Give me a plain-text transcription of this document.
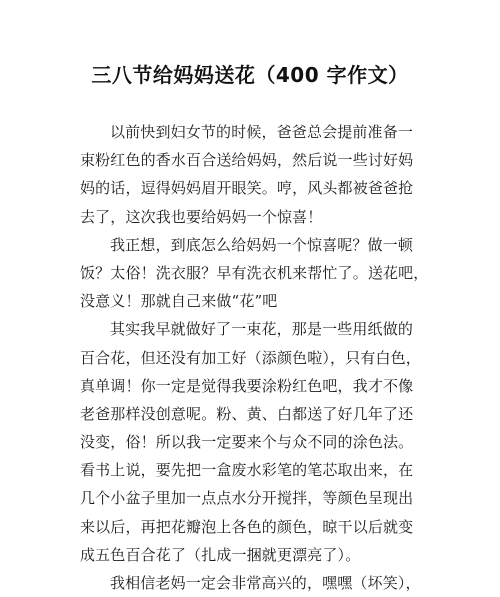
三八节给妈妈送花（400 字作文）
以前快到妇女节的时候，爸爸总会提前准备一
束粉红色的香水百合送给妈妈，然后说一些讨好妈
妈的话，逗得妈妈眉开眼笑。哼，风头都被爸爸抢
去了，这次我也要给妈妈一个惊喜！
我正想，到底怎么给妈妈一个惊喜呢？做一顿
饭？太俗！洗衣服？早有洗衣机来帮忙了。送花吧，
没意义！那就自己来做“花”吧
其实我早就做好了一束花，那是一些用纸做的
百合花，但还没有加工好（添颜色啦），只有白色，
真单调！你一定是觉得我要涂粉红色吧，我才不像
老爸那样没创意呢。粉、黄、白都送了好几年了还
没变，俗！所以我一定要来个与众不同的涂色法。
看书上说，要先把一盒废水彩笔的笔芯取出来，在
几个小盆子里加一点点水分开搅拌，等颜色呈现出
来以后，再把花瓣泡上各色的颜色，晾干以后就变
成五色百合花了（扎成一捆就更漂亮了）。
我相信老妈一定会非常高兴的，嘿嘿（坏笑），
